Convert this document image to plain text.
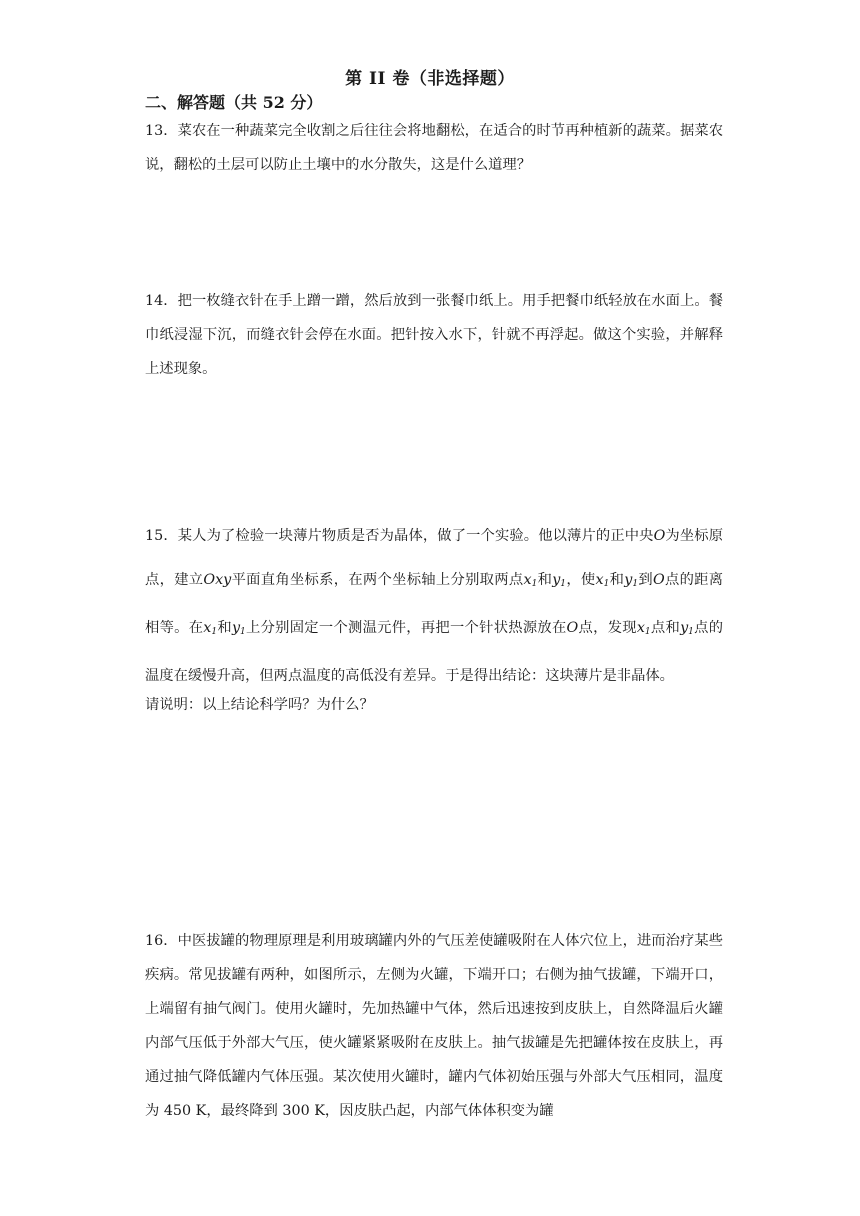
第 II 卷（非选择题）
二、解答题（共 52 分）
13．菜农在一种蔬菜完全收割之后往往会将地翻松，在适合的时节再种植新的蔬菜。据菜农说，翻松的土层可以防止土壤中的水分散失，这是什么道理？
14．把一枚缝衣针在手上蹭一蹭，然后放到一张餐巾纸上。用手把餐巾纸轻放在水面上。餐巾纸浸湿下沉，而缝衣针会停在水面。把针按入水下，针就不再浮起。做这个实验，并解释上述现象。
15．某人为了检验一块薄片物质是否为晶体，做了一个实验。他以薄片的正中央O为坐标原点，建立Oxy平面直角坐标系，在两个坐标轴上分别取两点$x_1$和$y_1$，使$x_1$和$y_1$到O点的距离相等。在$x_1$和$y_1$上分别固定一个测温元件，再把一个针状热源放在O点，发现$x_1$点和$y_1$点的温度在缓慢升高，但两点温度的高低没有差异。于是得出结论：这块薄片是非晶体。
请说明：以上结论科学吗？为什么？
16．中医拔罐的物理原理是利用玻璃罐内外的气压差使罐吸附在人体穴位上，进而治疗某些疾病。常见拔罐有两种，如图所示，左侧为火罐，下端开口；右侧为抽气拔罐，下端开口，上端留有抽气阀门。使用火罐时，先加热罐中气体，然后迅速按到皮肤上，自然降温后火罐内部气压低于外部大气压，使火罐紧紧吸附在皮肤上。抽气拔罐是先把罐体按在皮肤上，再通过抽气降低罐内气体压强。某次使用火罐时，罐内气体初始压强与外部大气压相同，温度为 450 K，最终降到 300 K，因皮肤凸起，内部气体体积变为罐
